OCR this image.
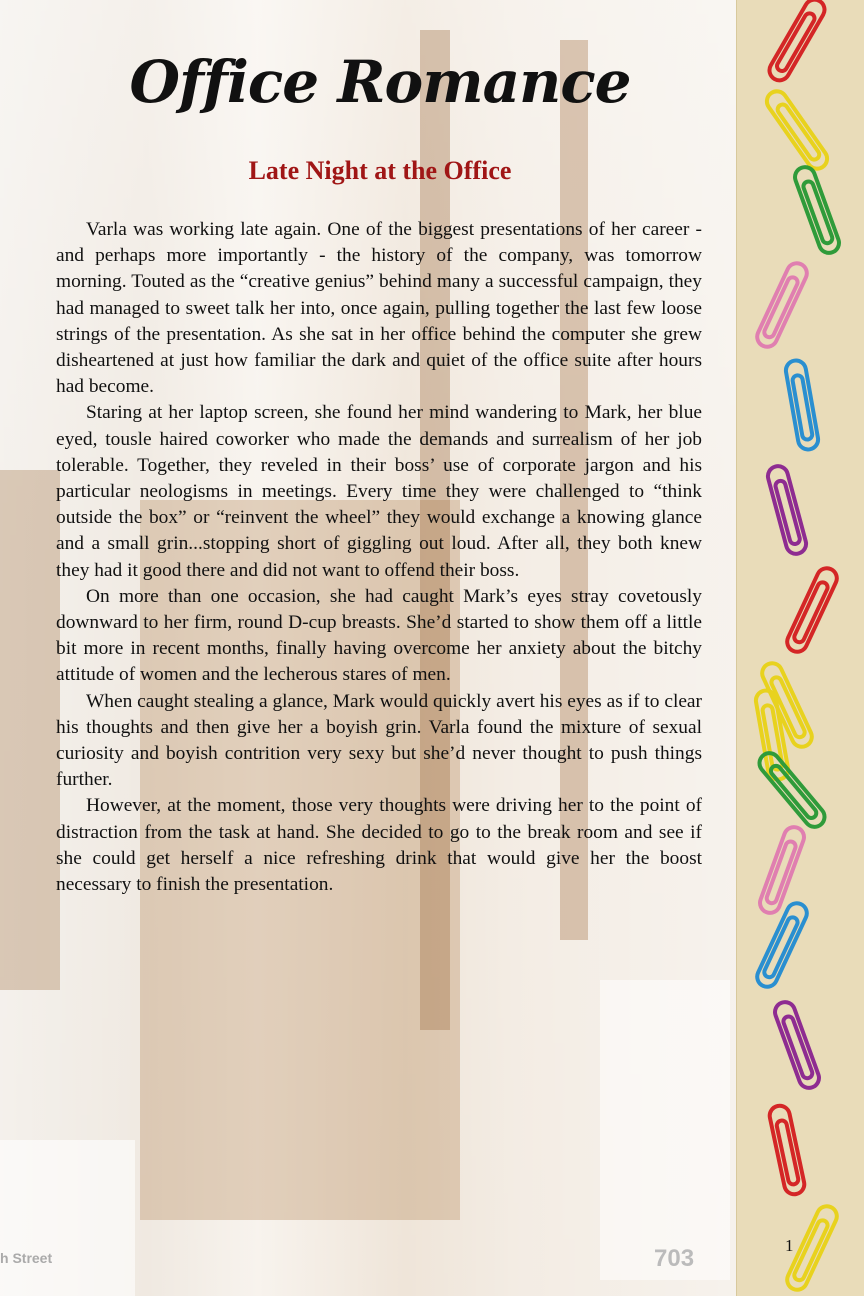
h Street	703
Office Romance
Late Night at the Office

Varla was working late again. One of the biggest presentations of her career - and perhaps more importantly - the history of the company, was tomorrow morning. Touted as the “creative genius” behind many a successful campaign, they had managed to sweet talk her into, once again, pulling together the last few loose strings of the presentation. As she sat in her office behind the computer she grew disheartened at just how familiar the dark and quiet of the office suite after hours had become.

Staring at her laptop screen, she found her mind wandering to Mark, her blue eyed, tousle haired coworker who made the demands and surrealism of her job tolerable. Together, they reveled in their boss’ use of corporate jargon and his particular neologisms in meetings. Every time they were challenged to “think outside the box” or “reinvent the wheel” they would exchange a knowing glance and a small grin...stopping short of giggling out loud. After all, they both knew they had it good there and did not want to offend their boss.

On more than one occasion, she had caught Mark’s eyes stray covetously downward to her firm, round D-cup breasts. She’d started to show them off a little bit more in recent months, finally having overcome her anxiety about the bitchy attitude of women and the lecherous stares of men.

When caught stealing a glance, Mark would quickly avert his eyes as if to clear his thoughts and then give her a boyish grin. Varla found the mixture of sexual curiosity and boyish contrition very sexy but she’d never thought to push things further.

However, at the moment, those very thoughts were driving her to the point of distraction from the task at hand. She decided to go to the break room and see if she could get herself a nice refreshing drink that would give her the boost necessary to finish the presentation.

1
